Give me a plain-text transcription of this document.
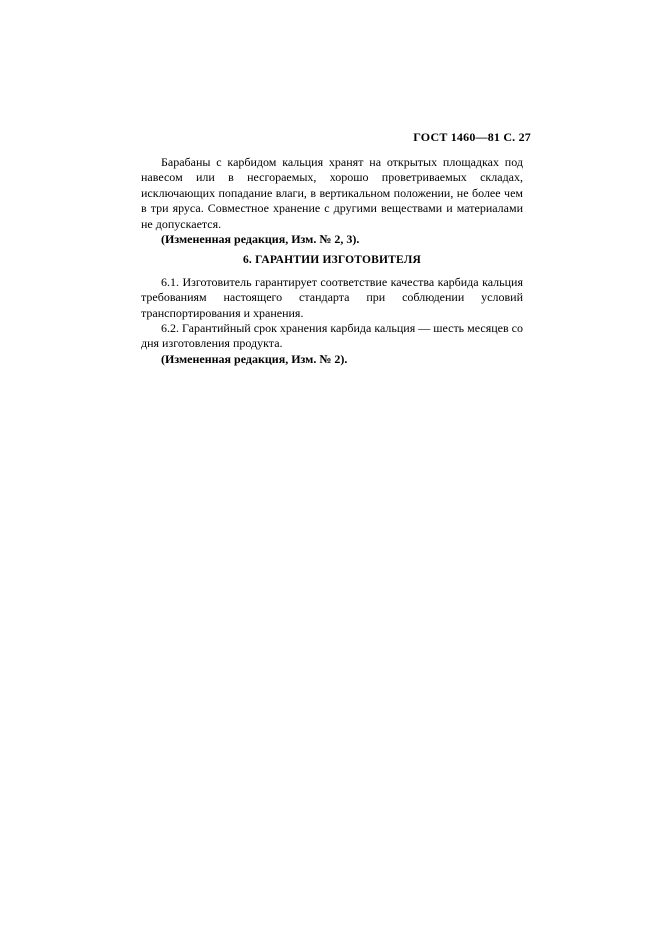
ГОСТ 1460—81 С. 27

Барабаны с карбидом кальция хранят на открытых площадках под навесом или в несгораемых, хорошо проветриваемых складах, исключающих попадание влаги, в вертикальном положении, не более чем в три яруса. Совместное хранение с другими веществами и материалами не допускается.

(Измененная редакция, Изм. № 2, 3).

6. ГАРАНТИИ ИЗГОТОВИТЕЛЯ

6.1. Изготовитель гарантирует соответствие качества карбида кальция требованиям настоящего стандарта при соблюдении условий транспортирования и хранения.

6.2. Гарантийный срок хранения карбида кальция — шесть месяцев со дня изготовления продукта.

(Измененная редакция, Изм. № 2).
